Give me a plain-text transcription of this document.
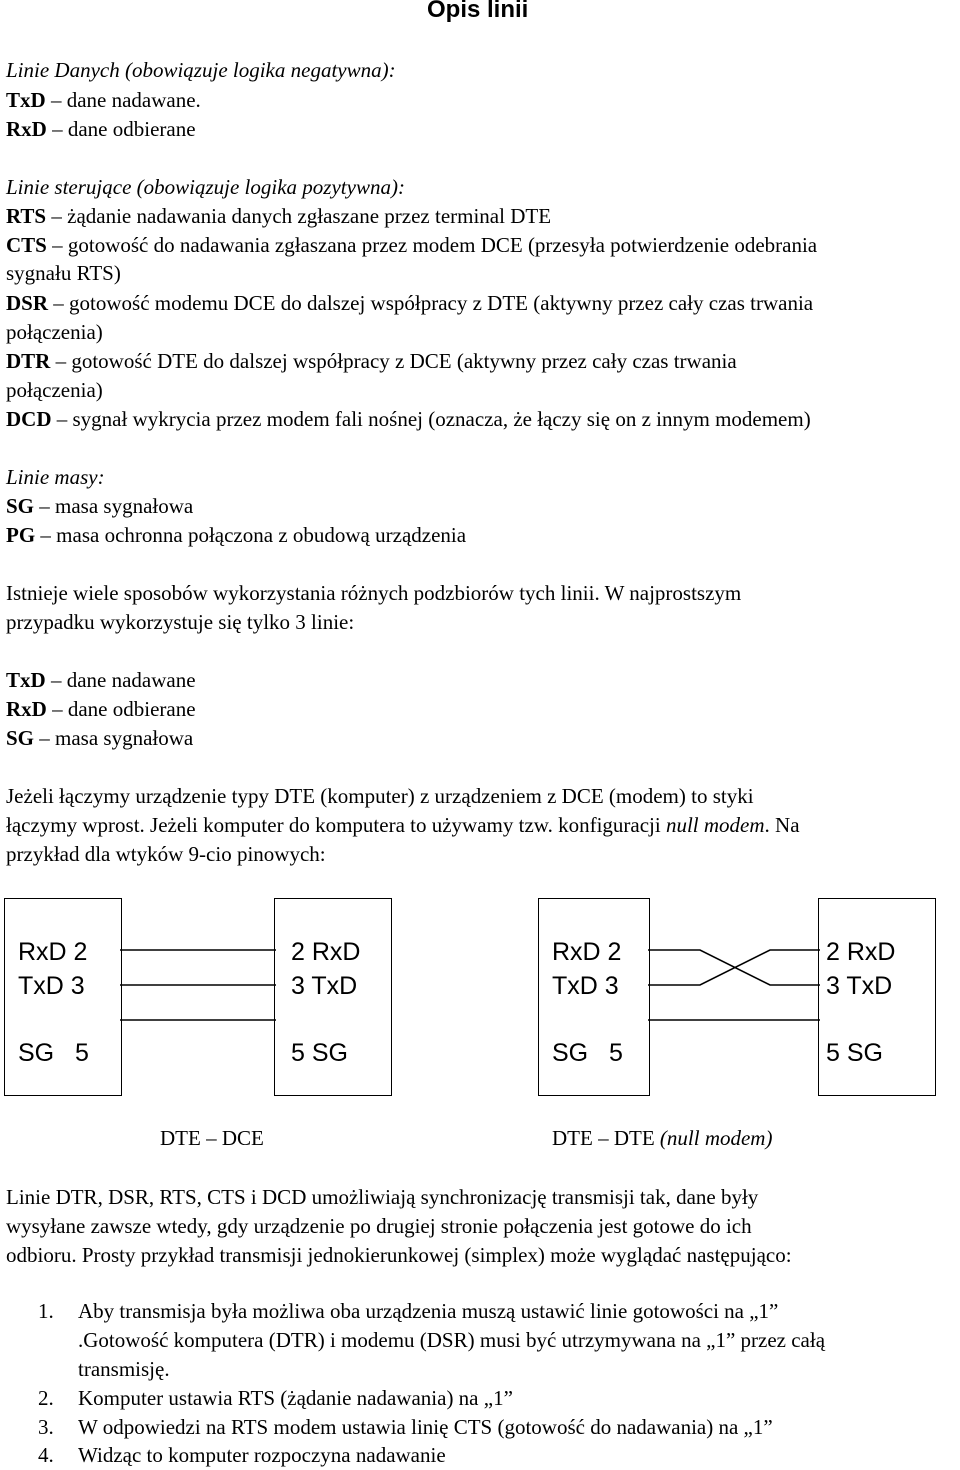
Opis linii
Linie Danych (obowiązuje logika negatywna):
TxD – dane nadawane.
RxD – dane odbierane
Linie sterujące (obowiązuje logika pozytywna):
RTS – żądanie nadawania danych zgłaszane przez terminal DTE
CTS – gotowość do nadawania zgłaszana przez modem DCE (przesyła potwierdzenie odebrania
sygnału RTS)
DSR – gotowość modemu DCE do dalszej współpracy z DTE (aktywny przez cały czas trwania
połączenia)
DTR – gotowość DTE do dalszej współpracy z DCE (aktywny przez cały czas trwania
połączenia)
DCD – sygnał wykrycia przez modem fali nośnej (oznacza, że łączy się on z innym modemem)
Linie masy:
SG – masa sygnałowa
PG – masa ochronna połączona z obudową urządzenia
Istnieje wiele sposobów wykorzystania różnych podzbiorów tych linii. W najprostszym
przypadku wykorzystuje się tylko 3 linie:
TxD – dane nadawane
RxD – dane odbierane
SG – masa sygnałowa
Jeżeli łączymy urządzenie typy DTE (komputer) z urządzeniem z DCE (modem) to styki
łączymy wprost. Jeżeli komputer do komputera to używamy tzw. konfiguracji null modem. Na
przykład dla wtyków 9-cio pinowych:
RxD 2
TxD 3
SG   5
2 RxD
3 TxD
5 SG
RxD 2
TxD 3
SG   5
2 RxD
3 TxD
5 SG
DTE – DCE	DTE – DTE (null modem)
Linie DTR, DSR, RTS, CTS i DCD umożliwiają synchronizację transmisji tak, dane były
wysyłane zawsze wtedy, gdy urządzenie po drugiej stronie połączenia jest gotowe do ich
odbioru. Prosty przykład transmisji jednokierunkowej (simplex) może wyglądać następująco:
1. Aby transmisja była możliwa oba urządzenia muszą ustawić linie gotowości na „1”
.Gotowość komputera (DTR) i modemu (DSR) musi być utrzymywana na „1” przez całą
transmisję.
2. Komputer ustawia RTS (żądanie nadawania) na „1”
3. W odpowiedzi na RTS modem ustawia linię CTS (gotowość do nadawania) na „1”
4. Widząc to komputer rozpoczyna nadawanie
